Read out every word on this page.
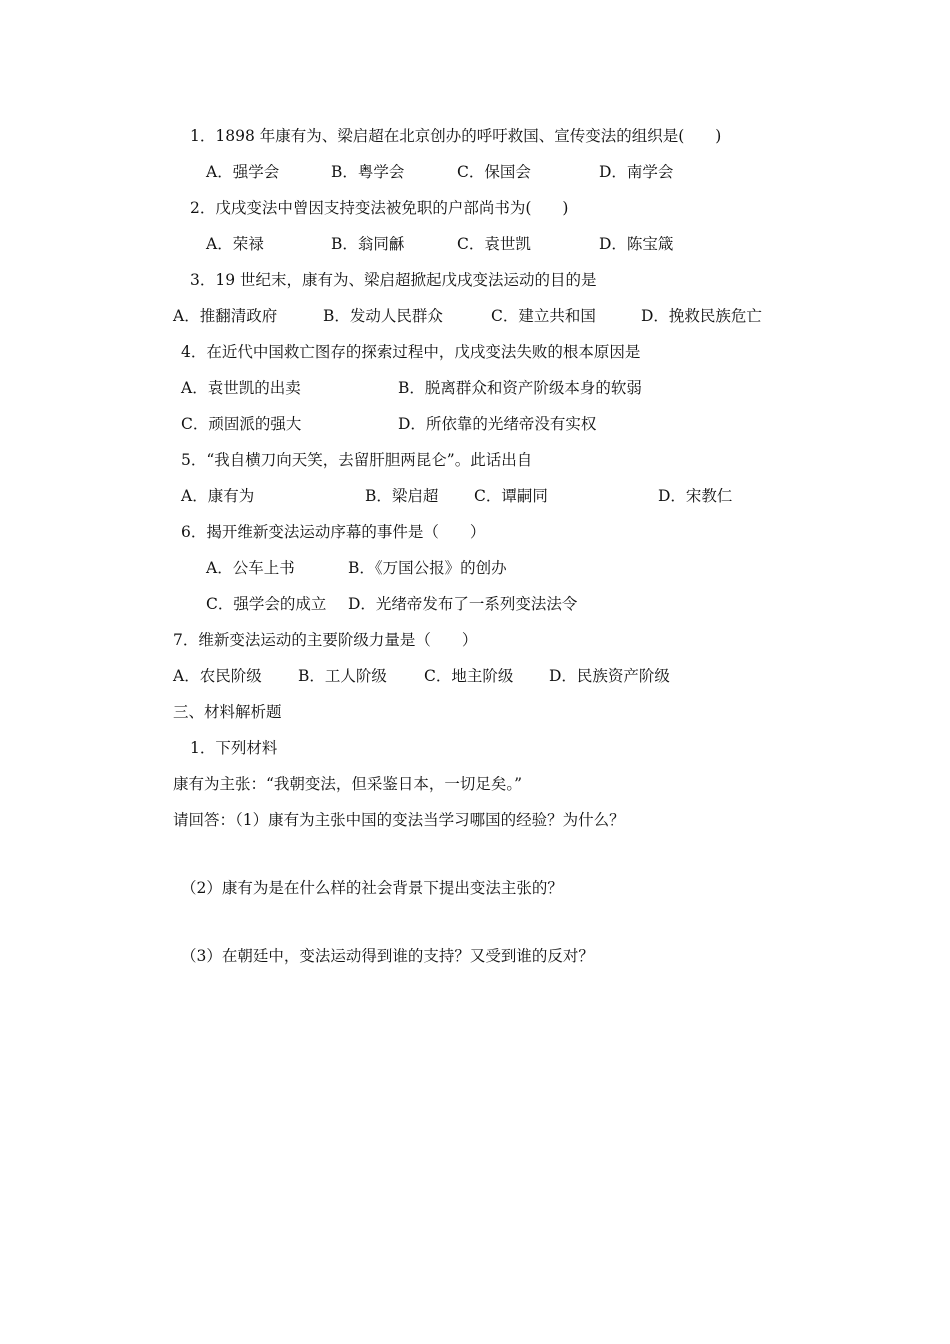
1．1898 年康有为、梁启超在北京创办的呼吁救国、宣传变法的组织是(　　)
A．强学会	B．粤学会	C．保国会	D．南学会
2．戊戌变法中曾因支持变法被免职的户部尚书为(　　)
A．荣禄	B．翁同龢	C．袁世凯	D．陈宝箴
3．19 世纪末，康有为、梁启超掀起戊戌变法运动的目的是
A．推翻清政府	B．发动人民群众	C．建立共和国	D．挽救民族危亡
4．在近代中国救亡图存的探索过程中，戊戌变法失败的根本原因是
A．袁世凯的出卖	B．脱离群众和资产阶级本身的软弱
C．顽固派的强大	D．所依靠的光绪帝没有实权
5．“我自横刀向天笑，去留肝胆两昆仑”。此话出自
A．康有为	B．梁启超 C．谭嗣同	D．宋教仁
6．揭开维新变法运动序幕的事件是（　　）
A．公车上书	B．《万国公报》的创办
C．强学会的成立 D．光绪帝发布了一系列变法法令
7．维新变法运动的主要阶级力量是（　　）
A．农民阶级 B．工人阶级 C．地主阶级 D．民族资产阶级
三、材料解析题
1．下列材料
康有为主张：“我朝变法，但采鉴日本，一切足矣。”
请回答：（1）康有为主张中国的变法当学习哪国的经验？为什么？
（2）康有为是在什么样的社会背景下提出变法主张的？
（3）在朝廷中，变法运动得到谁的支持？又受到谁的反对？
